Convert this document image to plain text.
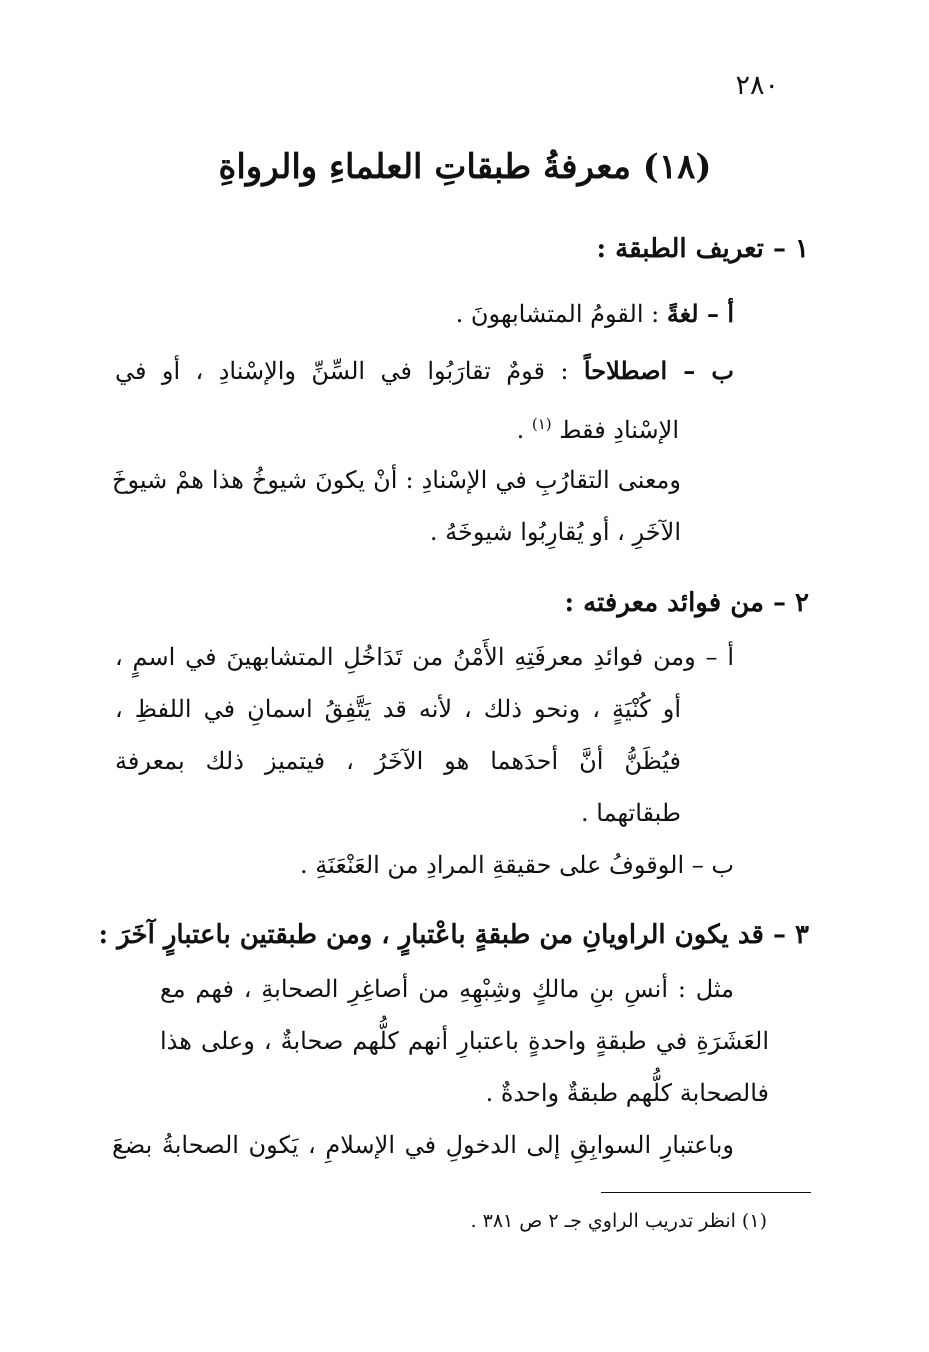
٢٨٠
(١٨) معرفةُ طبقاتِ العلماءِ والرواةِ
١ – تعريف الطبقة :
أ – لغةً : القومُ المتشابهونَ .
ب – اصطلاحاً : قومٌ تقارَبُوا في السِّنِّ والإسْنادِ ، أو في
الإسْنادِ فقط $^{(١)}$ .
ومعنى التقارُبِ في الإسْنادِ : أنْ يكونَ شيوخُ هذا همْ شيوخَ
الآخَرِ ، أو يُقارِبُوا شيوخَهُ .
٢ – من فوائد معرفته :
أ – ومن فوائدِ معرفَتِهِ الأَمْنُ من تَدَاخُلِ المتشابهينَ في اسمٍ ،
أو كُنْيَةٍ ، ونحو ذلك ، لأنه قد يَتَّفِقُ اسمانِ في اللفظِ ،
فيُظَنُّ أنَّ أحدَهما هو الآخَرُ ، فيتميز ذلك بمعرفة
طبقاتهما .
ب – الوقوفُ على حقيقةِ المرادِ من العَنْعَنَةِ .
٣ – قد يكون الراويانِ من طبقةٍ باعْتبارٍ ، ومن طبقتين باعتبارٍ آخَرَ :
مثل : أنسِ بنِ مالكٍ وشِبْهِهِ من أصاغِرِ الصحابةِ ، فهم مع
العَشَرَةِ في طبقةٍ واحدةٍ باعتبارِ أنهم كلُّهم صحابةٌ ، وعلى هذا
فالصحابة كلُّهم طبقةٌ واحدةٌ .
وباعتبارِ السوابِقِ إلى الدخولِ في الإسلامِ ، يَكون الصحابةُ بضعَ
(١) انظر تدريب الراوي جـ ٢ ص ٣٨١ .
